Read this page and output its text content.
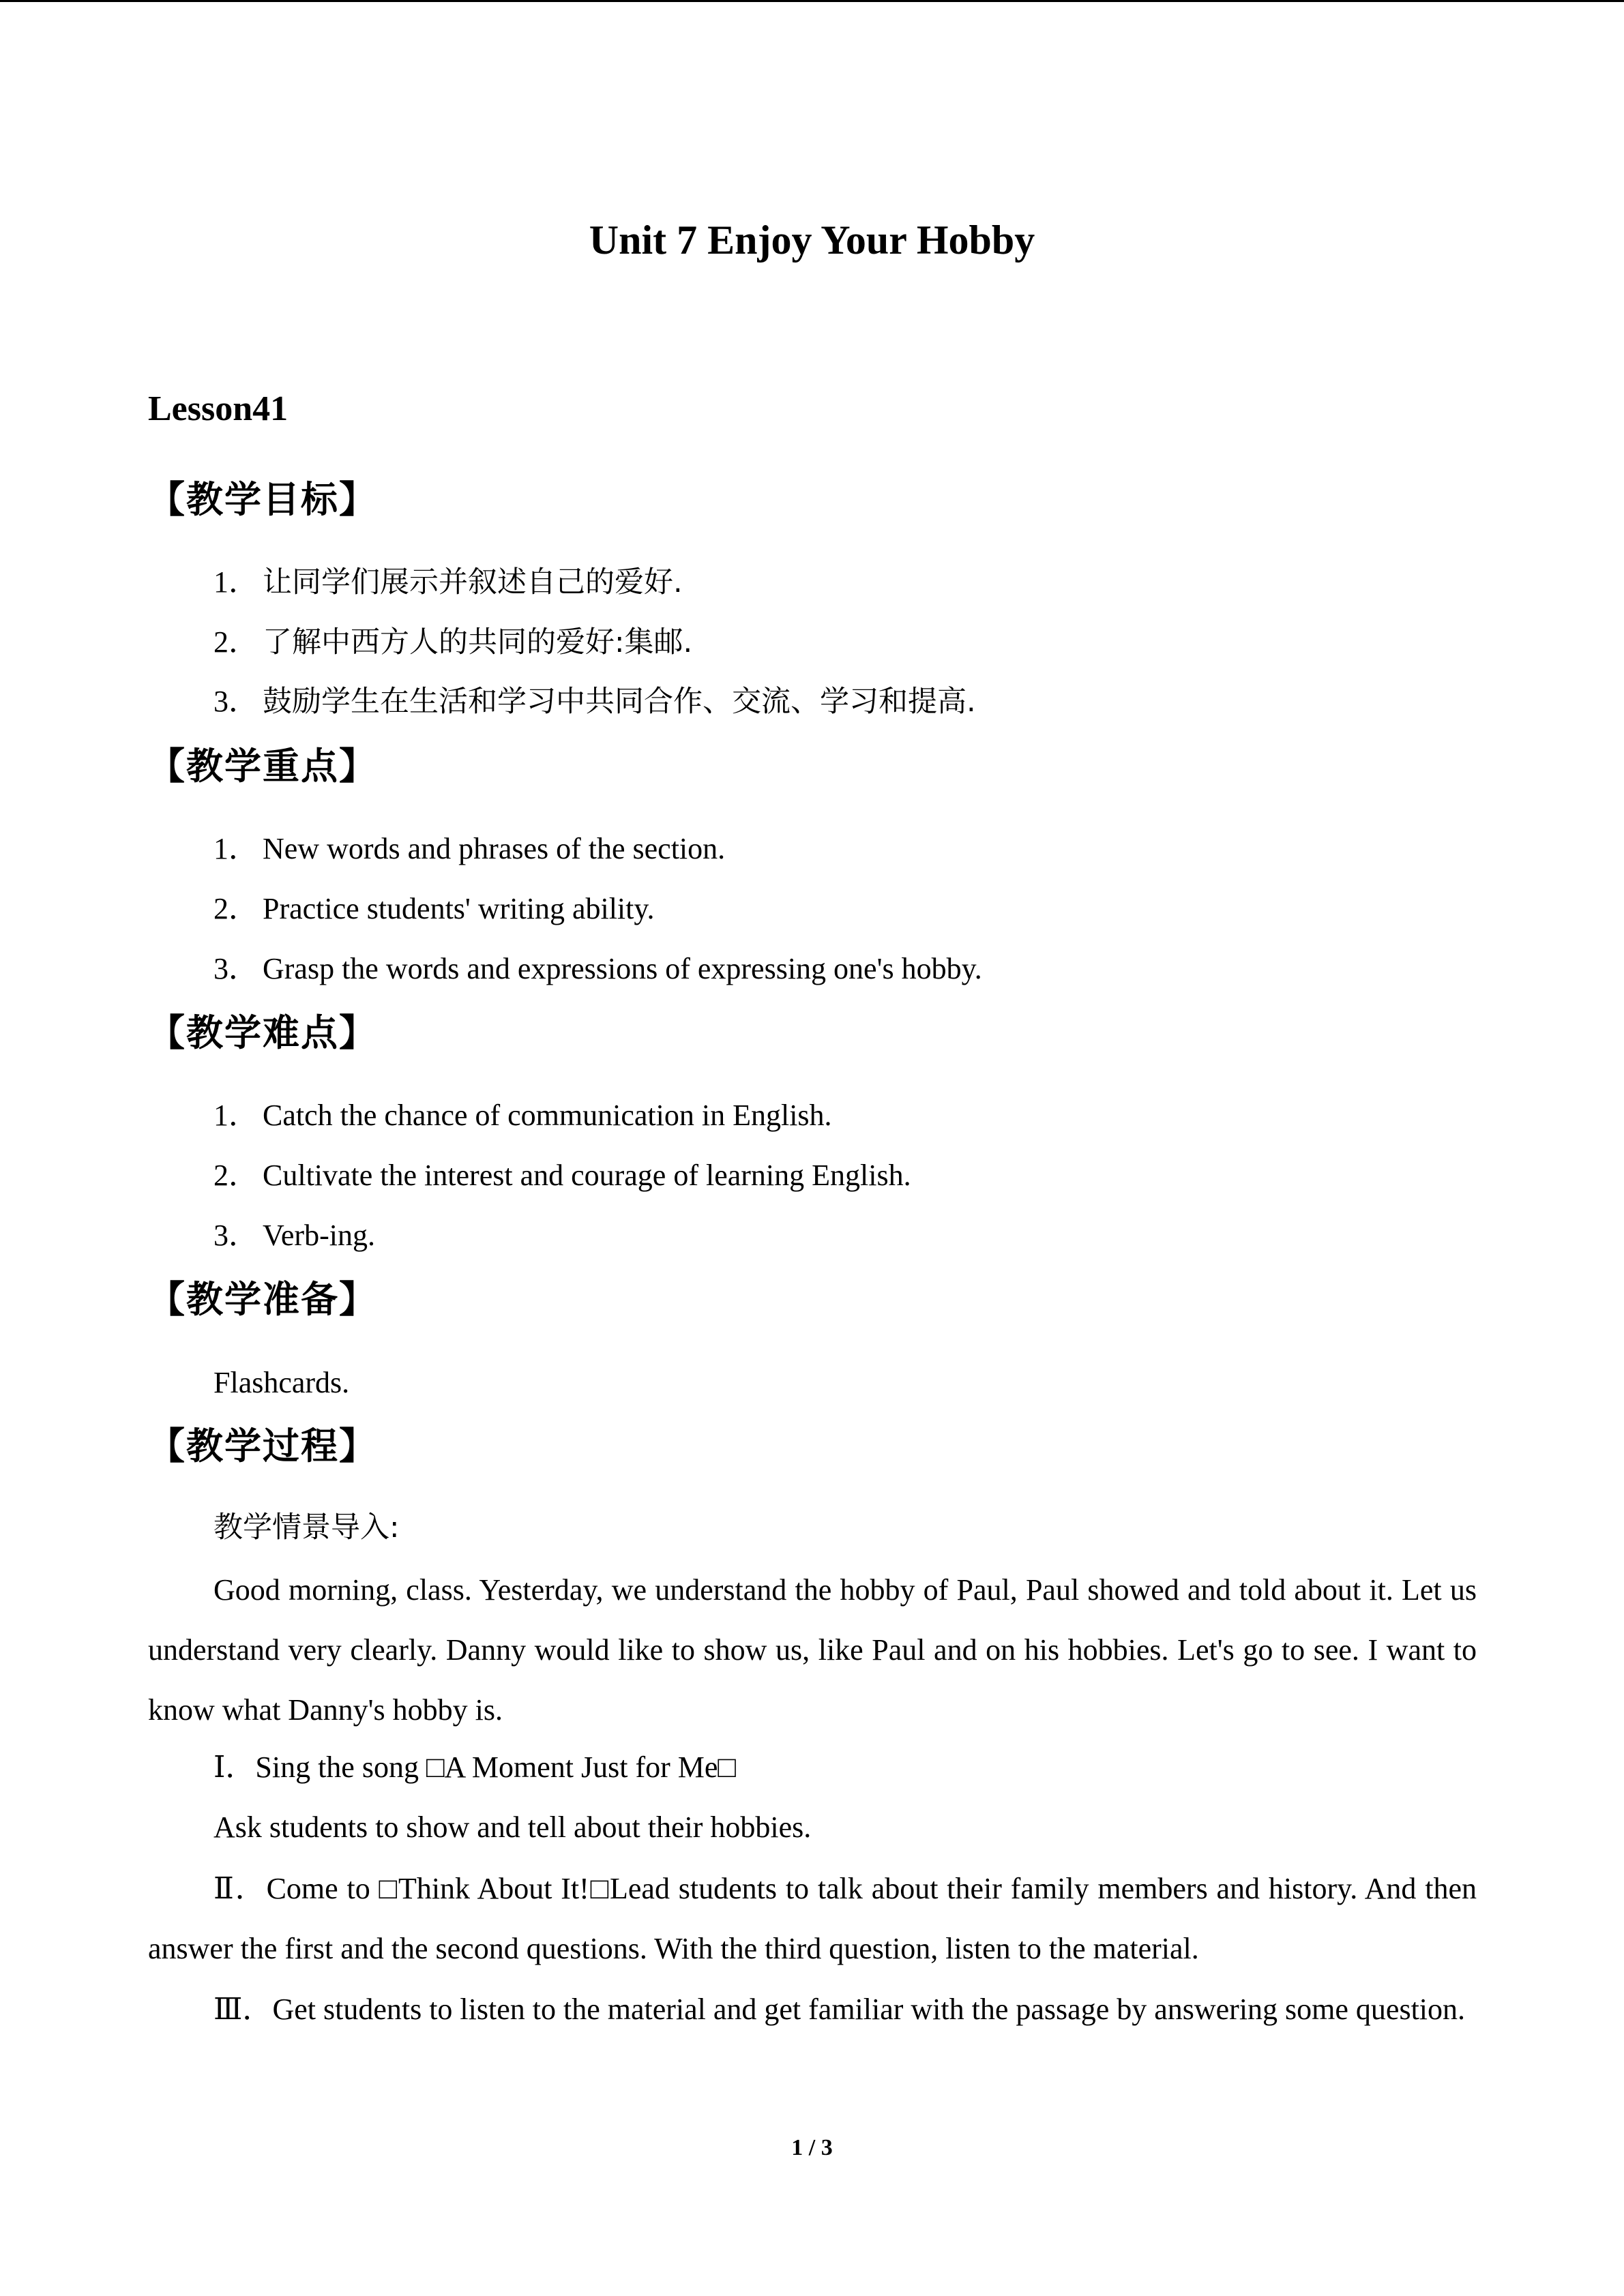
Unit 7 Enjoy Your Hobby
Lesson41
【教学目标】

1． 让同学们展示并叙述自己的爱好.

2． 了解中西方人的共同的爱好:集邮.

3． 鼓励学生在生活和学习中共同合作、交流、学习和提高.

【教学重点】

1． New words and phrases of the section.

2． Practice students' writing ability.

3． Grasp the words and expressions of expressing one's hobby.

【教学难点】

1． Catch the chance of communication in English.

2． Cultivate the interest and courage of learning English.

3． Verb-ing.

【教学准备】

Flashcards.

【教学过程】

教学情景导入:

Good morning, class. Yesterday, we understand the hobby of Paul, Paul showed and told about it. Let us understand very clearly. Danny would like to show us, like Paul and on his hobbies. Let's go to see. I want to know what Danny's hobby is.

Ⅰ．Sing the song □A Moment Just for Me□

Ask students to show and tell about their hobbies.

Ⅱ．Come to □Think About It!□Lead students to talk about their family members and history. And then answer the first and the second questions. With the third question, listen to the material.

Ⅲ．Get students to listen to the material and get familiar with the passage by answering some question.

1 / 3
